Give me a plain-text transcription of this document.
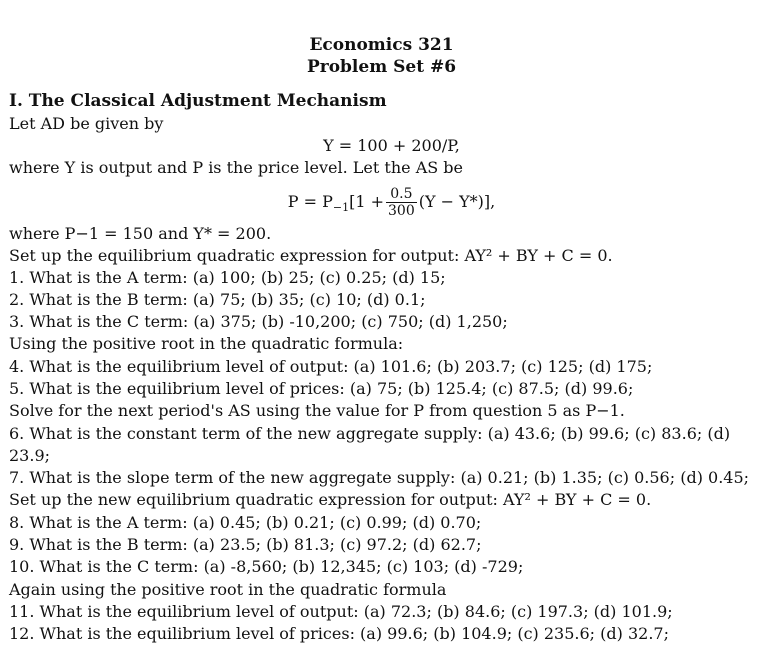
Economics 321
Problem Set #6
I. The Classical Adjustment Mechanism
Let AD be given by
Y = 100 + 200/P,
where Y is output and P is the price level. Let the AS be
$P = P_{-1}[1 + \frac{0.5}{300} (Y - Y*)]$,
where P−1 = 150 and Y* = 200.
Set up the equilibrium quadratic expression for output: AY² + BY + C = 0.
1. What is the A term: (a) 100; (b) 25; (c) 0.25; (d) 15;
2. What is the B term: (a) 75; (b) 35; (c) 10; (d) 0.1;
3. What is the C term: (a) 375; (b) -10,200; (c) 750; (d) 1,250;
Using the positive root in the quadratic formula:
4. What is the equilibrium level of output: (a) 101.6; (b) 203.7; (c) 125; (d) 175;
5. What is the equilibrium level of prices: (a) 75; (b) 125.4; (c) 87.5; (d) 99.6;
Solve for the next period's AS using the value for P from question 5 as P−1.
6. What is the constant term of the new aggregate supply: (a) 43.6; (b) 99.6; (c) 83.6; (d)
23.9;
7. What is the slope term of the new aggregate supply: (a) 0.21; (b) 1.35; (c) 0.56; (d) 0.45;
Set up the new equilibrium quadratic expression for output: AY² + BY + C = 0.
8. What is the A term: (a) 0.45; (b) 0.21; (c) 0.99; (d) 0.70;
9. What is the B term: (a) 23.5; (b) 81.3; (c) 97.2; (d) 62.7;
10. What is the C term: (a) -8,560; (b) 12,345; (c) 103; (d) -729;
Again using the positive root in the quadratic formula
11. What is the equilibrium level of output: (a) 72.3; (b) 84.6; (c) 197.3; (d) 101.9;
12. What is the equilibrium level of prices: (a) 99.6; (b) 104.9; (c) 235.6; (d) 32.7;
